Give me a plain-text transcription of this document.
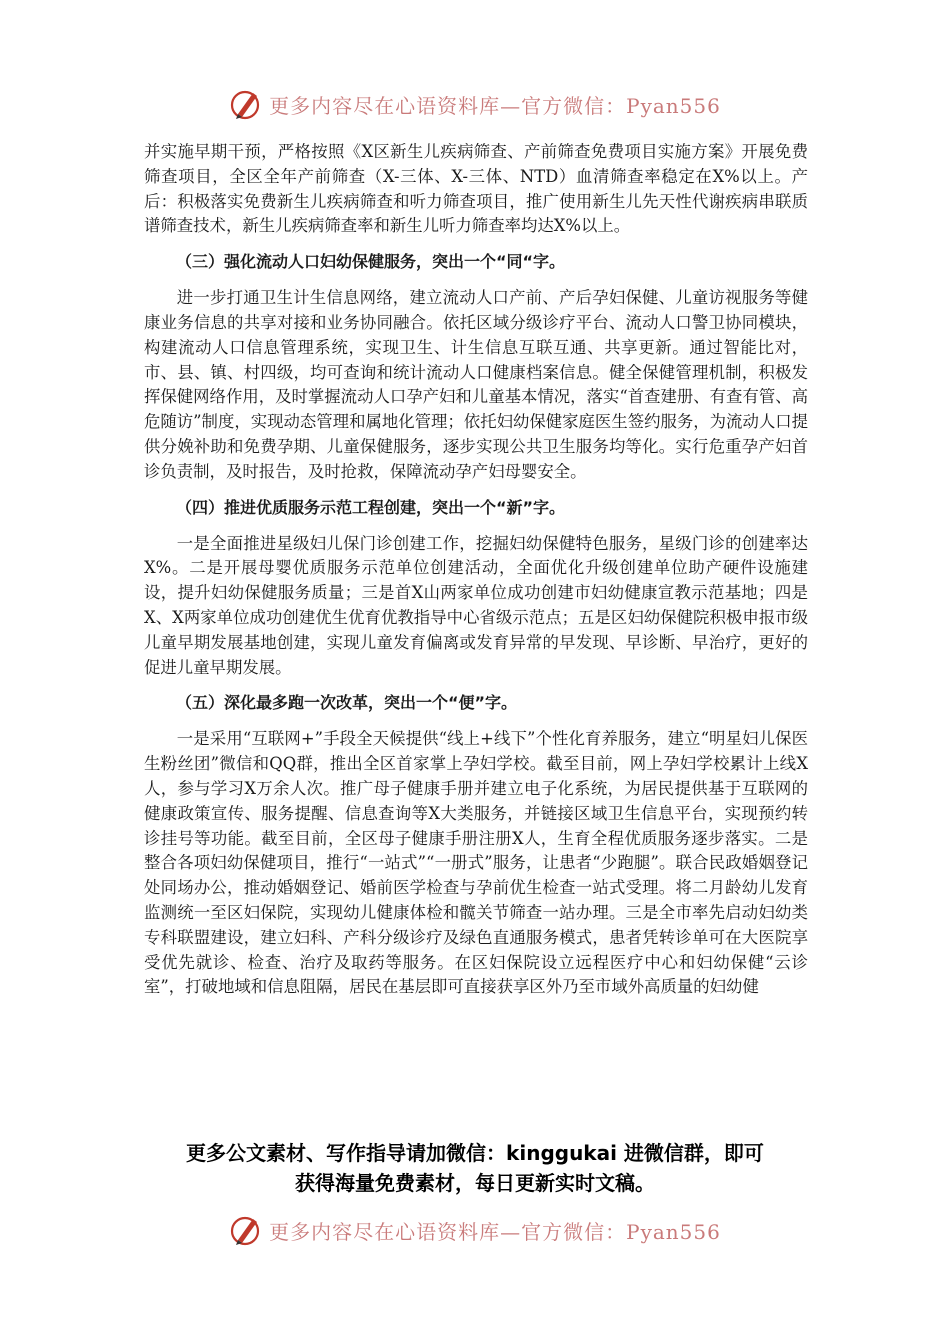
更多内容尽在心语资料库—官方微信：Pyan556

并实施早期干预，严格按照《X区新生儿疾病筛查、产前筛查免费项目实施方案》开展免费筛查项目，全区全年产前筛查（X-三体、X-三体、NTD）血清筛查率稳定在X%以上。产后：积极落实免费新生儿疾病筛查和听力筛查项目，推广使用新生儿先天性代谢疾病串联质谱筛查技术，新生儿疾病筛查率和新生儿听力筛查率均达X%以上。

（三）强化流动人口妇幼保健服务，突出一个“同“字。

进一步打通卫生计生信息网络，建立流动人口产前、产后孕妇保健、儿童访视服务等健康业务信息的共享对接和业务协同融合。依托区域分级诊疗平台、流动人口警卫协同模块，构建流动人口信息管理系统，实现卫生、计生信息互联互通、共享更新。通过智能比对，市、县、镇、村四级，均可查询和统计流动人口健康档案信息。健全保健管理机制，积极发挥保健网络作用，及时掌握流动人口孕产妇和儿童基本情况，落实“首查建册、有查有管、高危随访”制度，实现动态管理和属地化管理；依托妇幼保健家庭医生签约服务，为流动人口提供分娩补助和免费孕期、儿童保健服务，逐步实现公共卫生服务均等化。实行危重孕产妇首诊负责制，及时报告，及时抢救，保障流动孕产妇母婴安全。

（四）推进优质服务示范工程创建，突出一个“新”字。

一是全面推进星级妇儿保门诊创建工作，挖掘妇幼保健特色服务，星级门诊的创建率达X%。二是开展母婴优质服务示范单位创建活动，全面优化升级创建单位助产硬件设施建设，提升妇幼保健服务质量；三是首X山两家单位成功创建市妇幼健康宣教示范基地；四是X、X两家单位成功创建优生优育优教指导中心省级示范点；五是区妇幼保健院积极申报市级儿童早期发展基地创建，实现儿童发育偏离或发育异常的早发现、早诊断、早治疗，更好的促进儿童早期发展。

（五）深化最多跑一次改革，突出一个“便”字。

一是采用“互联网+”手段全天候提供“线上+线下”个性化育养服务，建立“明星妇儿保医生粉丝团”微信和QQ群，推出全区首家掌上孕妇学校。截至目前，网上孕妇学校累计上线X人，参与学习X万余人次。推广母子健康手册并建立电子化系统，为居民提供基于互联网的健康政策宣传、服务提醒、信息查询等X大类服务，并链接区域卫生信息平台，实现预约转诊挂号等功能。截至目前，全区母子健康手册注册X人，生育全程优质服务逐步落实。二是整合各项妇幼保健项目，推行“一站式”“一册式”服务，让患者“少跑腿”。联合民政婚姻登记处同场办公，推动婚姻登记、婚前医学检查与孕前优生检查一站式受理。将二月龄幼儿发育监测统一至区妇保院，实现幼儿健康体检和髋关节筛查一站办理。三是全市率先启动妇幼类专科联盟建设，建立妇科、产科分级诊疗及绿色直通服务模式，患者凭转诊单可在大医院享受优先就诊、检查、治疗及取药等服务。在区妇保院设立远程医疗中心和妇幼保健“云诊室”，打破地域和信息阻隔，居民在基层即可直接获享区外乃至市域外高质量的妇幼健

更多公文素材、写作指导请加微信：kinggukai 进微信群，即可
获得海量免费素材，每日更新实时文稿。
更多内容尽在心语资料库—官方微信：Pyan556
